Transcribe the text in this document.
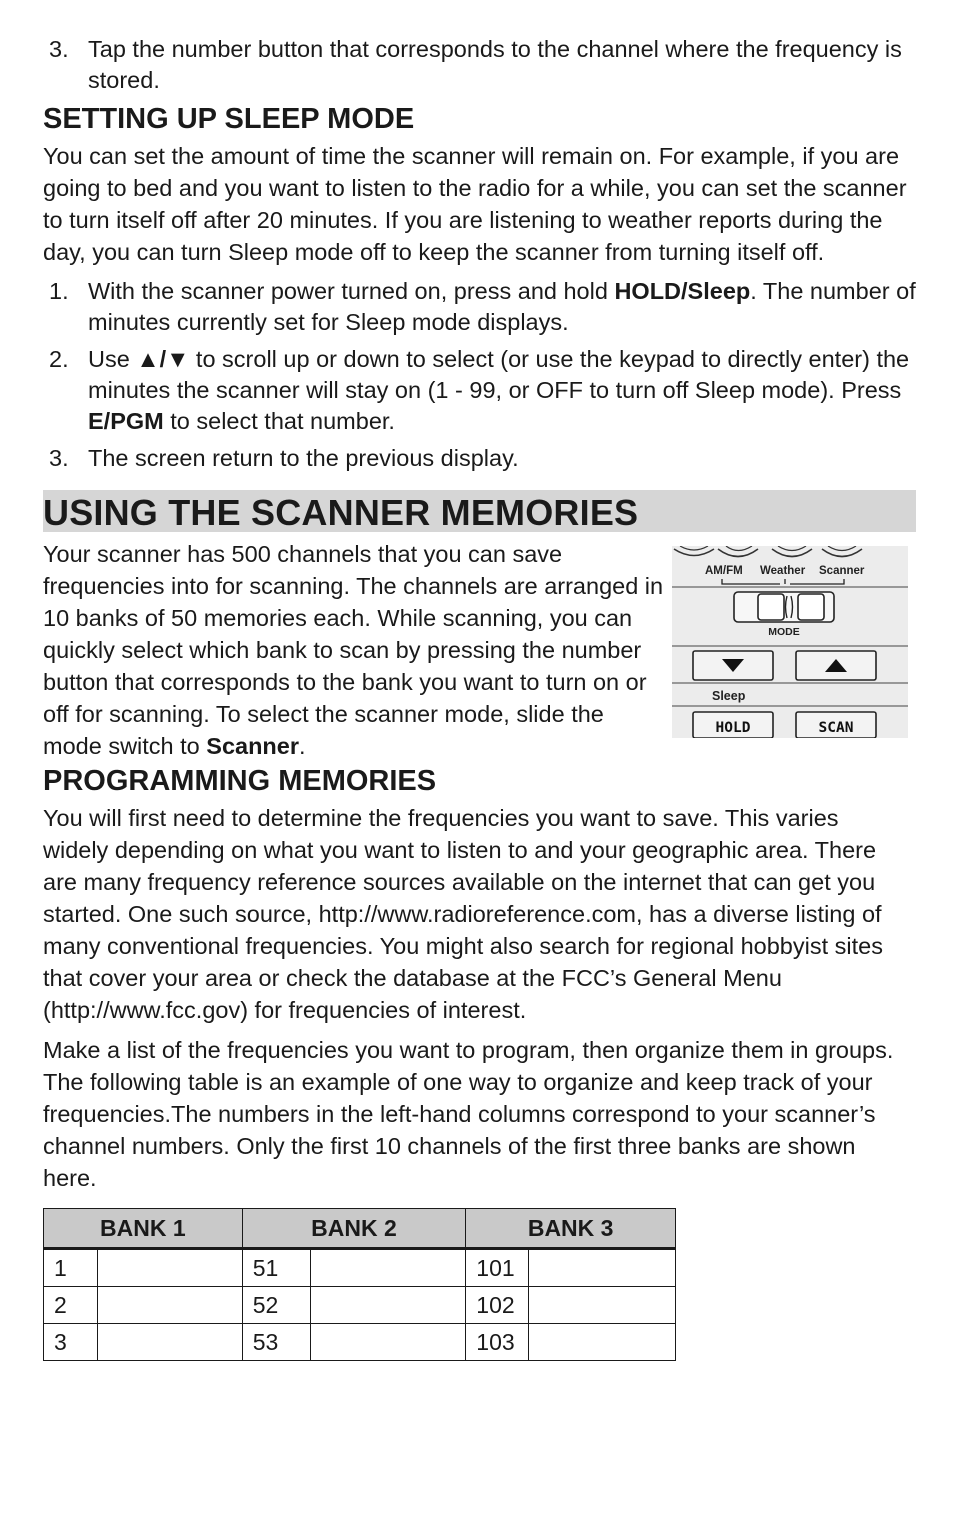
3. Tap the number button that corresponds to the channel where the frequency is stored.
SETTING UP SLEEP MODE

You can set the amount of time the scanner will remain on. For example, if you are going to bed and you want to listen to the radio for a while, you can set the scanner to turn itself off after 20 minutes. If you are listening to weather reports during the day, you can turn Sleep mode off to keep the scanner from turning itself off.

1. With the scanner power turned on, press and hold HOLD/Sleep. The number of minutes currently set for Sleep mode displays.
2. Use ▲/▼ to scroll up or down to select (or use the keypad to directly enter) the minutes the scanner will stay on (1 - 99, or OFF to turn off Sleep mode). Press E/PGM to select that number.
3. The screen return to the previous display.
USING THE SCANNER MEMORIES

Your scanner has 500 channels that you can save frequencies into for scanning. The channels are arranged in 10 banks of 50 memories each. While scanning, you can quickly select which bank to scan by pressing the number button that corresponds to the bank you want to turn on or off for scanning. To select the scanner mode, slide the mode switch to Scanner.

AM/FM Weather Scanner
MODE
Sleep
HOLD	SCAN
PROGRAMMING MEMORIES

You will first need to determine the frequencies you want to save. This varies widely depending on what you want to listen to and your geographic area. There are many frequency reference sources available on the internet that can get you started. One such source, http://www.radioreference.com, has a diverse listing of many conventional frequencies. You might also search for regional hobbyist sites that cover your area or check the database at the FCC’s General Menu (http://www.fcc.gov) for frequencies of interest.

Make a list of the frequencies you want to program, then organize them in groups. The following table is an example of one way to organize and keep track of your frequencies.The numbers in the left-hand columns correspond to your scanner’s channel numbers. Only the first 10 channels of the first three banks are shown here.

BANK 1		BANK 2		BANK 3	
1		51		101	
2		52		102	
3		53		103	
